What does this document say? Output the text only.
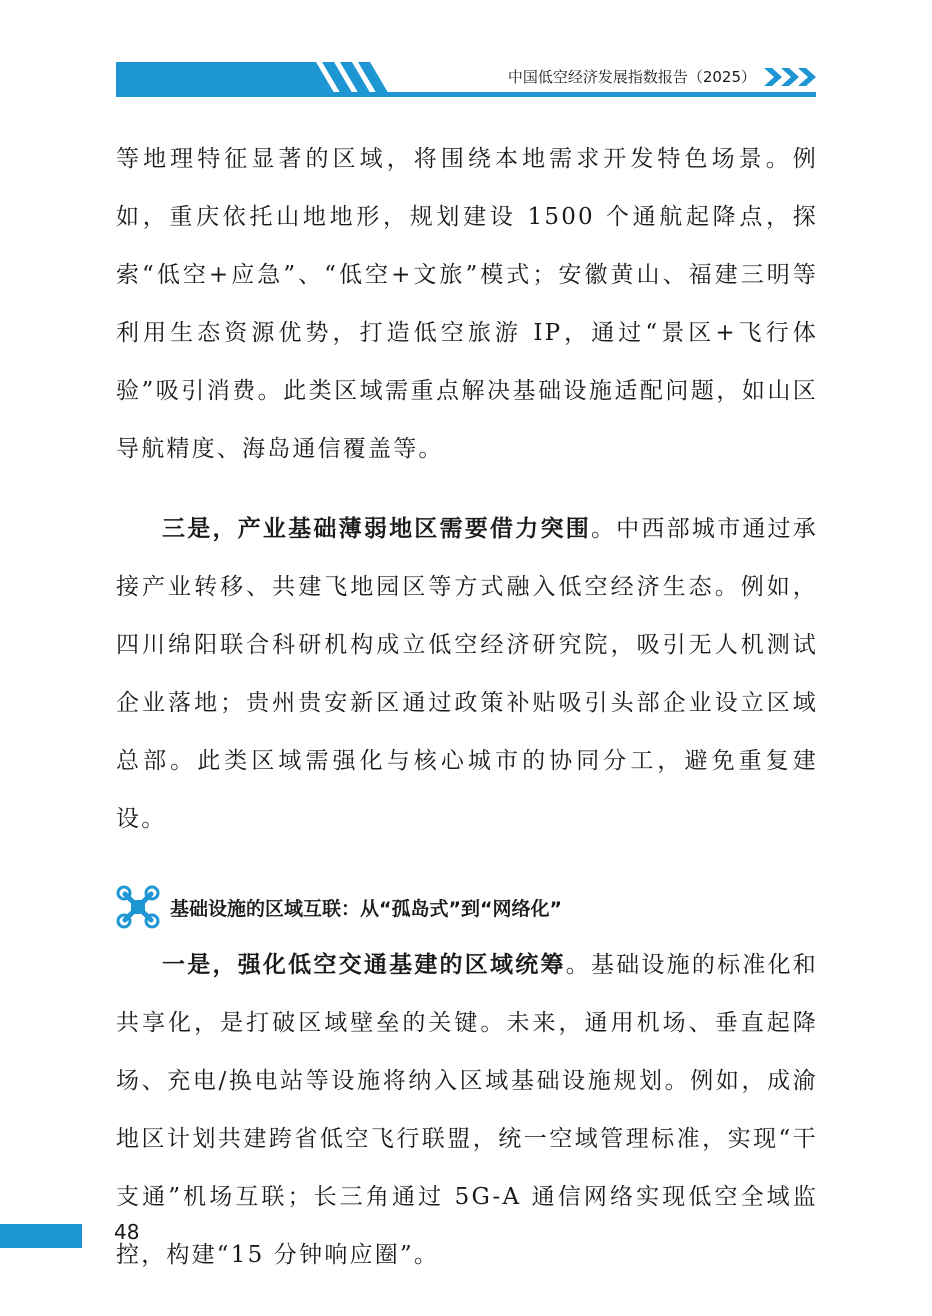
中国低空经济发展指数报告（2025）

等地理特征显著的区域，将围绕本地需求开发特色场景。例如，重庆依托山地地形，规划建设 1500 个通航起降点，探索“低空+应急”、“低空+文旅”模式；安徽黄山、福建三明等利用生态资源优势，打造低空旅游 IP，通过“景区+飞行体验”吸引消费。此类区域需重点解决基础设施适配问题，如山区导航精度、海岛通信覆盖等。

三是，产业基础薄弱地区需要借力突围。中西部城市通过承接产业转移、共建飞地园区等方式融入低空经济生态。例如，四川绵阳联合科研机构成立低空经济研究院，吸引无人机测试企业落地；贵州贵安新区通过政策补贴吸引头部企业设立区域总部。此类区域需强化与核心城市的协同分工，避免重复建设。

基础设施的区域互联：从“孤岛式”到“网络化”

一是，强化低空交通基建的区域统筹。基础设施的标准化和共享化，是打破区域壁垒的关键。未来，通用机场、垂直起降场、充电/换电站等设施将纳入区域基础设施规划。例如，成渝地区计划共建跨省低空飞行联盟，统一空域管理标准，实现“干支通”机场互联；长三角通过 5G-A 通信网络实现低空全域监控，构建“15 分钟响应圈”。

48
